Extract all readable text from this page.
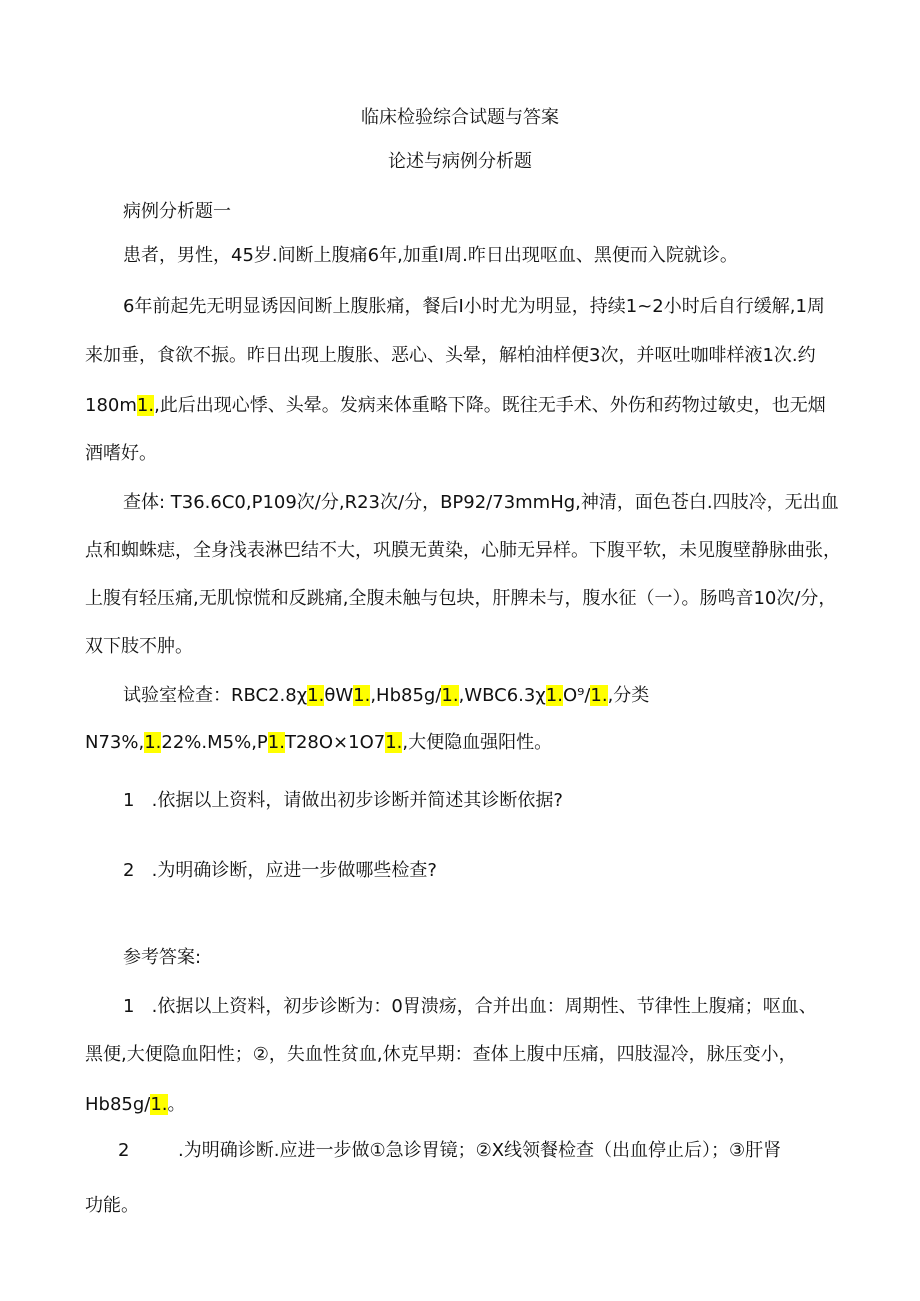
临床检验综合试题与答案
论述与病例分析题

病例分析题一

患者，男性，45岁.间断上腹痛6年,加重I周.昨日出现呕血、黑便而入院就诊。

6年前起先无明显诱因间断上腹胀痛，餐后I小时尤为明显，持续1~2小时后自行缓解,1周

来加垂，食欲不振。昨日出现上腹胀、恶心、头晕，解柏油样便3次，并呕吐咖啡样液1次.约

180m1.,此后出现心悸、头晕。发病来体重略下降。既往无手术、外伤和药物过敏史，也无烟

酒嗜好。

查体: T36.6C0,P109次/分,R23次/分，BP92/73mmHg,神清，面色苍白.四肢冷，无出血

点和蜘蛛痣，全身浅表淋巴结不大，巩膜无黄染，心肺无异样。下腹平软，未见腹壁静脉曲张，

上腹有轻压痛,无肌惊慌和反跳痛,全腹未触与包块，肝脾未与，腹水征（一）。肠鸣音10次/分，

双下肢不肿。

试验室检查：RBC2.8χ1.θW1.,Hb85g/1.,WBC6.3χ1.O⁹/1.,分类

N73%,1.22%.M5%,P1.T28O×1O71.,大便隐血强阳性。

1   .依据以上资料，请做出初步诊断并简述其诊断依据?

2   .为明确诊断，应进一步做哪些检查?

参考答案:

1   .依据以上资料，初步诊断为：0胃溃疡，合并出血：周期性、节律性上腹痛；呕血、

黑便,大便隐血阳性；②，失血性贫血,休克早期：查体上腹中压痛，四肢湿冷，脉压变小，

Hb85g/1.。

2	.为明确诊断.应进一步做①急诊胃镜；②X线领餐检查（出血停止后）；③肝肾

功能。
